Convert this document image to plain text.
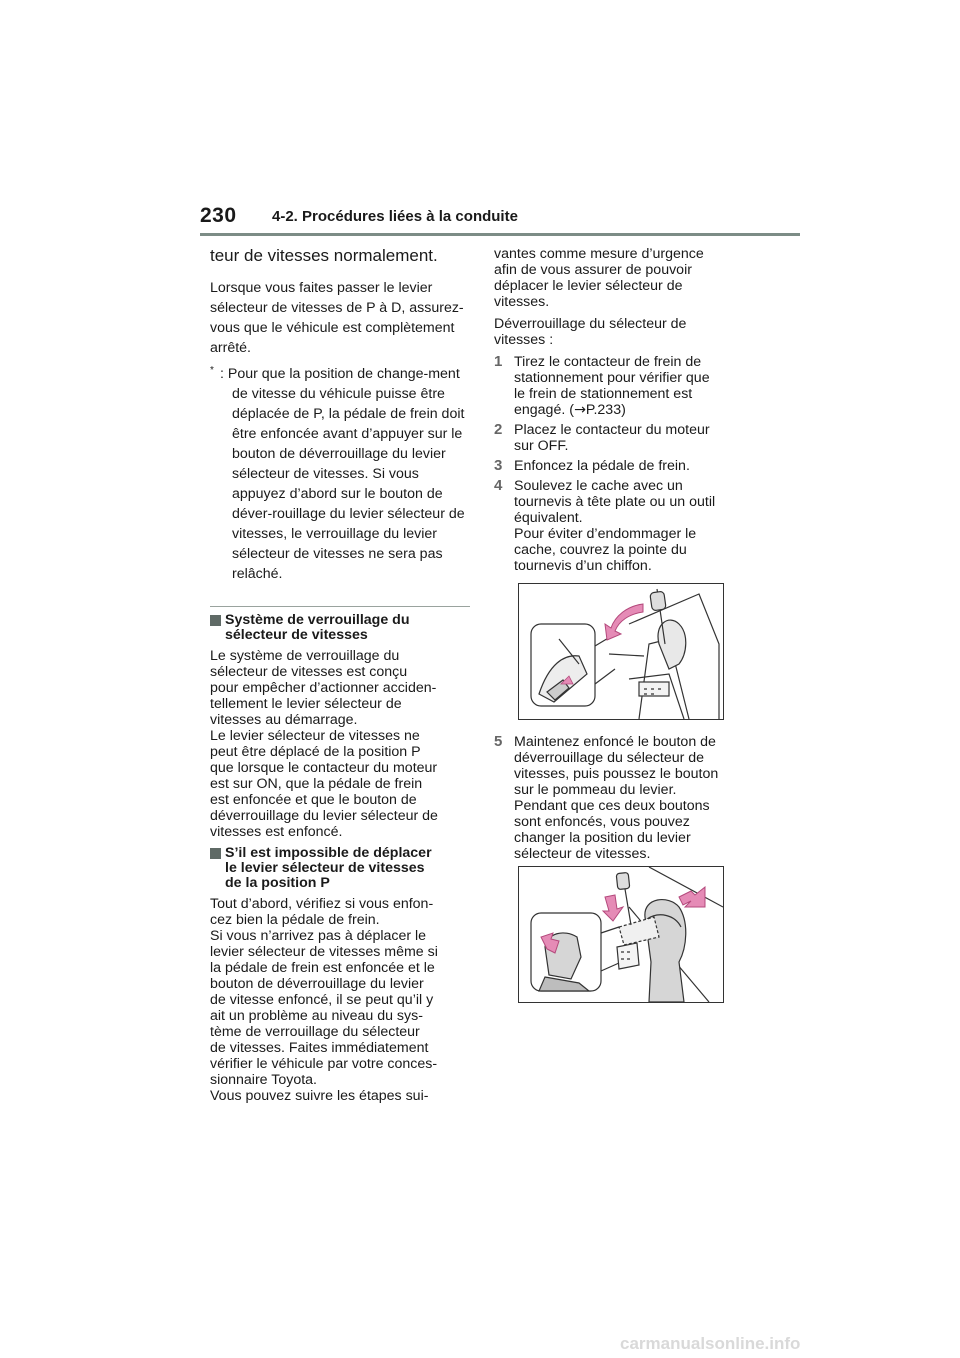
230 4-2. Procédures liées à la conduite
teur de vitesses normalement.
Lorsque vous faites passer le levier sélecteur de vitesses de P à D, assurez-vous que le véhicule est complètement arrêté.
* : Pour que la position de change-ment de vitesse du véhicule puisse être déplacée de P, la pédale de frein doit être enfoncée avant d’appuyer sur le bouton de déverrouillage du levier sélecteur de vitesses. Si vous appuyez d’abord sur le bouton de déver-rouillage du levier sélecteur de vitesses, le verrouillage du levier sélecteur de vitesses ne sera pas relâché.
Système de verrouillage du
sélecteur de vitesses

Le système de verrouillage du
sélecteur de vitesses est conçu
pour empêcher d’actionner acciden-
tellement le levier sélecteur de
vitesses au démarrage.
Le levier sélecteur de vitesses ne
peut être déplacé de la position P
que lorsque le contacteur du moteur
est sur ON, que la pédale de frein
est enfoncée et que le bouton de
déverrouillage du levier sélecteur de
vitesses est enfoncé.

S’il est impossible de déplacer
le levier sélecteur de vitesses
de la position P

Tout d’abord, vérifiez si vous enfon-
cez bien la pédale de frein.
Si vous n’arrivez pas à déplacer le
levier sélecteur de vitesses même si
la pédale de frein est enfoncée et le
bouton de déverrouillage du levier
de vitesse enfoncé, il se peut qu’il y
ait un problème au niveau du sys-
tème de verrouillage du sélecteur
de vitesses. Faites immédiatement
vérifier le véhicule par votre conces-
sionnaire Toyota.
Vous pouvez suivre les étapes sui-

vantes comme mesure d’urgence
afin de vous assurer de pouvoir
déplacer le levier sélecteur de
vitesses.

Déverrouillage du sélecteur de
vitesses :

1 Tirez le contacteur de frein de
stationnement pour vérifier que
le frein de stationnement est
engagé. (→P.233)
2 Placez le contacteur du moteur
sur OFF.
3 Enfoncez la pédale de frein.
4 Soulevez le cache avec un
tournevis à tête plate ou un outil
équivalent.
Pour éviter d’endommager le
cache, couvrez la pointe du
tournevis d’un chiffon.
5 Maintenez enfoncé le bouton de
déverrouillage du sélecteur de
vitesses, puis poussez le bouton
sur le pommeau du levier.
Pendant que ces deux boutons
sont enfoncés, vous pouvez
changer la position du levier
sélecteur de vitesses.
carmanualsonline.info
